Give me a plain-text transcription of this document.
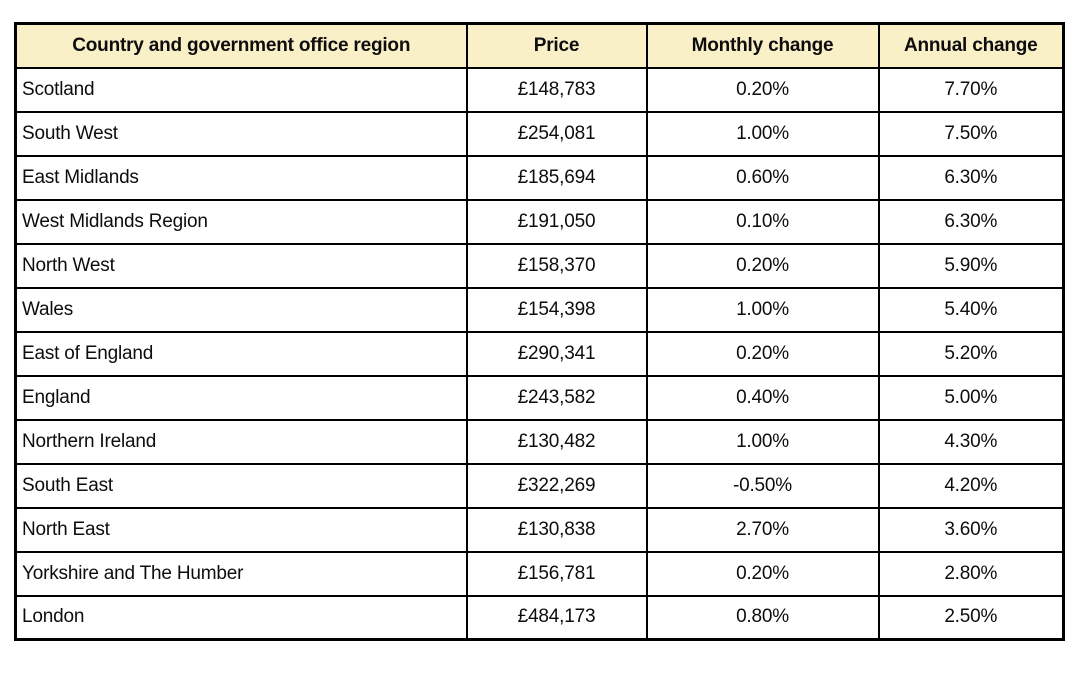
Country and government office region	Price	Monthly change	Annual change
Scotland	£148,783	0.20%	7.70%
South West	£254,081	1.00%	7.50%
East Midlands	£185,694	0.60%	6.30%
West Midlands Region	£191,050	0.10%	6.30%
North West	£158,370	0.20%	5.90%
Wales	£154,398	1.00%	5.40%
East of England	£290,341	0.20%	5.20%
England	£243,582	0.40%	5.00%
Northern Ireland	£130,482	1.00%	4.30%
South East	£322,269	-0.50%	4.20%
North East	£130,838	2.70%	3.60%
Yorkshire and The Humber	£156,781	0.20%	2.80%
London	£484,173	0.80%	2.50%
